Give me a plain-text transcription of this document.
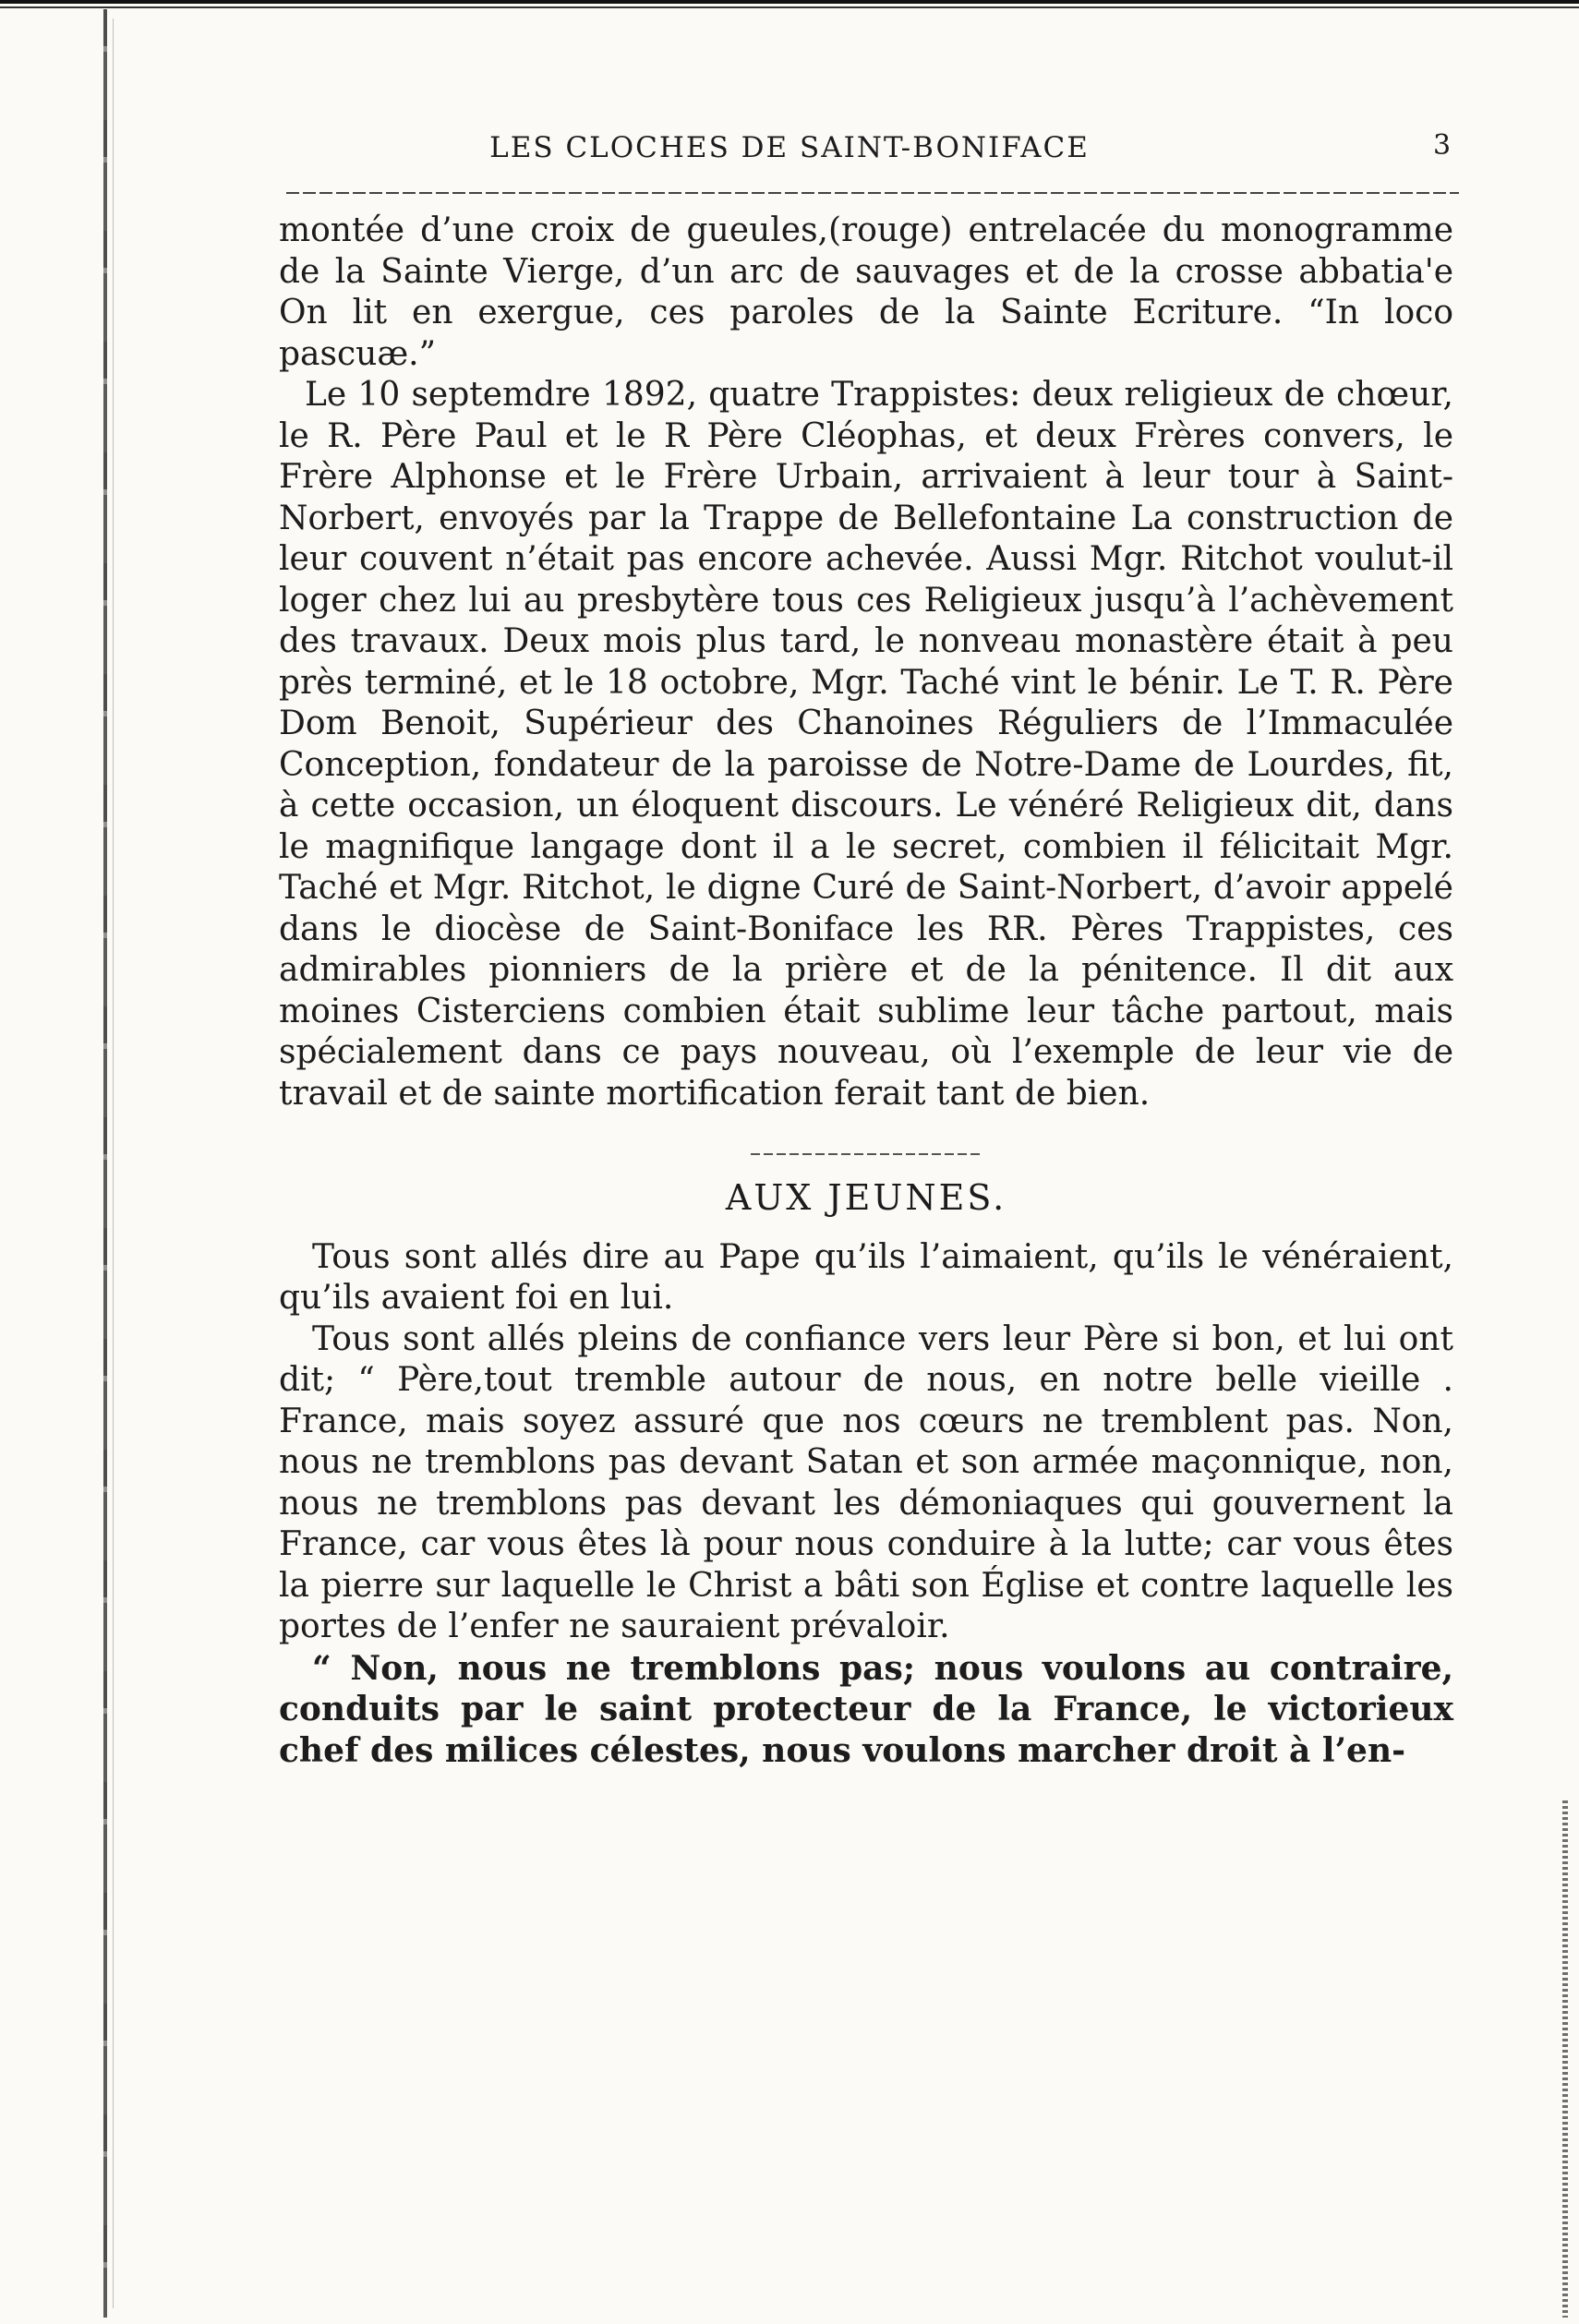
LES CLOCHES DE SAINT-BONIFACE	3

montée d’une croix de gueules,(rouge) entrelacée du monogramme de la Sainte Vierge, d’un arc de sauvages et de la crosse abbatia'e On lit en exergue, ces paroles de la Sainte Ecriture. “In loco pascuæ.”

Le 10 septemdre 1892, quatre Trappistes: deux religieux de chœur, le R. Père Paul et le R Père Cléophas, et deux Frères convers, le Frère Alphonse et le Frère Urbain, arrivaient à leur tour à Saint-Norbert, envoyés par la Trappe de Bellefontaine La construction de leur couvent n’était pas encore achevée. Aussi Mgr. Ritchot voulut-il loger chez lui au presbytère tous ces Religieux jusqu’à l’achèvement des travaux. Deux mois plus tard, le nonveau monastère était à peu près terminé, et le 18 octobre, Mgr. Taché vint le bénir. Le T. R. Père Dom Benoit, Supérieur des Chanoines Réguliers de l’Immaculée Conception, fondateur de la paroisse de Notre-Dame de Lourdes, fit, à cette occasion, un éloquent discours. Le vénéré Religieux dit, dans le magnifique langage dont il a le secret, combien il félicitait Mgr. Taché et Mgr. Ritchot, le digne Curé de Saint-Norbert, d’avoir appelé dans le diocèse de Saint-Boniface les RR. Pères Trappistes, ces admirables pionniers de la prière et de la pénitence. Il dit aux moines Cisterciens combien était sublime leur tâche partout, mais spécialement dans ce pays nouveau, où l’exemple de leur vie de travail et de sainte mortification ferait tant de bien.

AUX JEUNES.

Tous sont allés dire au Pape qu’ils l’aimaient, qu’ils le vénéraient, qu’ils avaient foi en lui.

Tous sont allés pleins de confiance vers leur Père si bon, et lui ont dit; “ Père,tout tremble autour de nous, en notre belle vieille . France, mais soyez assuré que nos cœurs ne tremblent pas. Non, nous ne tremblons pas devant Satan et son armée maçonnique, non, nous ne tremblons pas devant les démoniaques qui gouvernent la France, car vous êtes là pour nous conduire à la lutte; car vous êtes la pierre sur laquelle le Christ a bâti son Église et contre laquelle les portes de l’enfer ne sauraient prévaloir.

“ Non, nous ne tremblons pas; nous voulons au contraire, conduits par le saint protecteur de la France, le victorieux chef des milices célestes, nous voulons marcher droit à l’en-
